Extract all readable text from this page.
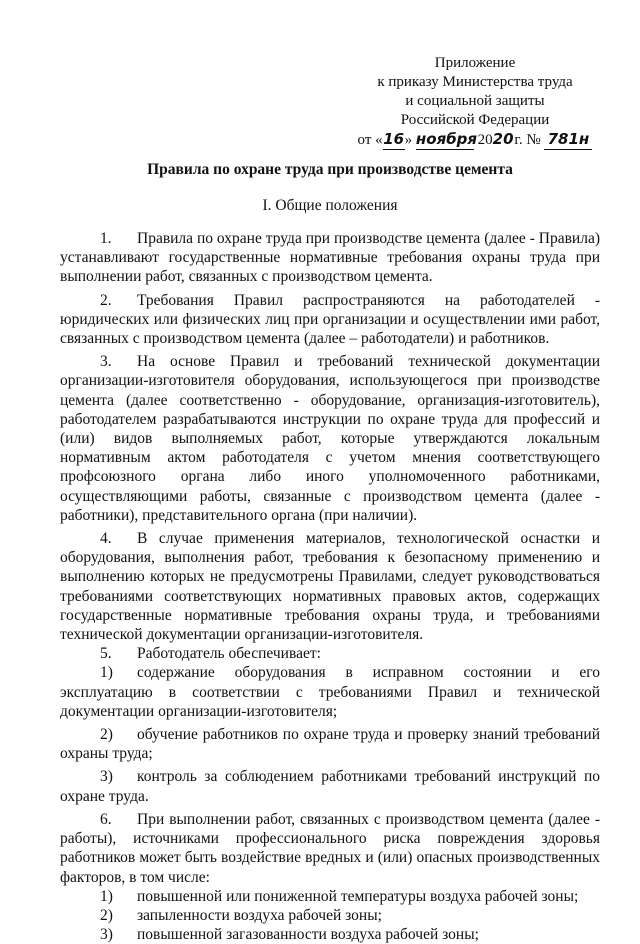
Приложение
к приказу Министерства труда
и социальной защиты
Российской Федерации
от «16» ноября 2020 г. № 781н
Правила по охране труда при производстве цемента
I. Общие положения

1. Правила по охране труда при производстве цемента (далее - Правила) устанавливают государственные нормативные требования охраны труда при выполнении работ, связанных с производством цемента.

2. Требования Правил распространяются на работодателей - юридических или физических лиц при организации и осуществлении ими работ, связанных с производством цемента (далее – работодатели) и работников.

3. На основе Правил и требований технической документации организации-изготовителя оборудования, использующегося при производстве цемента (далее соответственно - оборудование, организация-изготовитель), работодателем разрабатываются инструкции по охране труда для профессий и (или) видов выполняемых работ, которые утверждаются локальным нормативным актом работодателя с учетом мнения соответствующего профсоюзного органа либо иного уполномоченного работниками, осуществляющими работы, связанные с производством цемента (далее - работники), представительного органа (при наличии).

4. В случае применения материалов, технологической оснастки и оборудования, выполнения работ, требования к безопасному применению и выполнению которых не предусмотрены Правилами, следует руководствоваться требованиями соответствующих нормативных правовых актов, содержащих государственные нормативные требования охраны труда, и требованиями технической документации организации-изготовителя.

5. Работодатель обеспечивает:

1) содержание оборудования в исправном состоянии и его эксплуатацию в соответствии с требованиями Правил и технической документации организации-изготовителя;

2) обучение работников по охране труда и проверку знаний требований охраны труда;

3) контроль за соблюдением работниками требований инструкций по охране труда.

6. При выполнении работ, связанных с производством цемента (далее - работы), источниками профессионального риска повреждения здоровья работников может быть воздействие вредных и (или) опасных производственных факторов, в том числе:

1) повышенной или пониженной температуры воздуха рабочей зоны;

2) запыленности воздуха рабочей зоны;

3) повышенной загазованности воздуха рабочей зоны;
